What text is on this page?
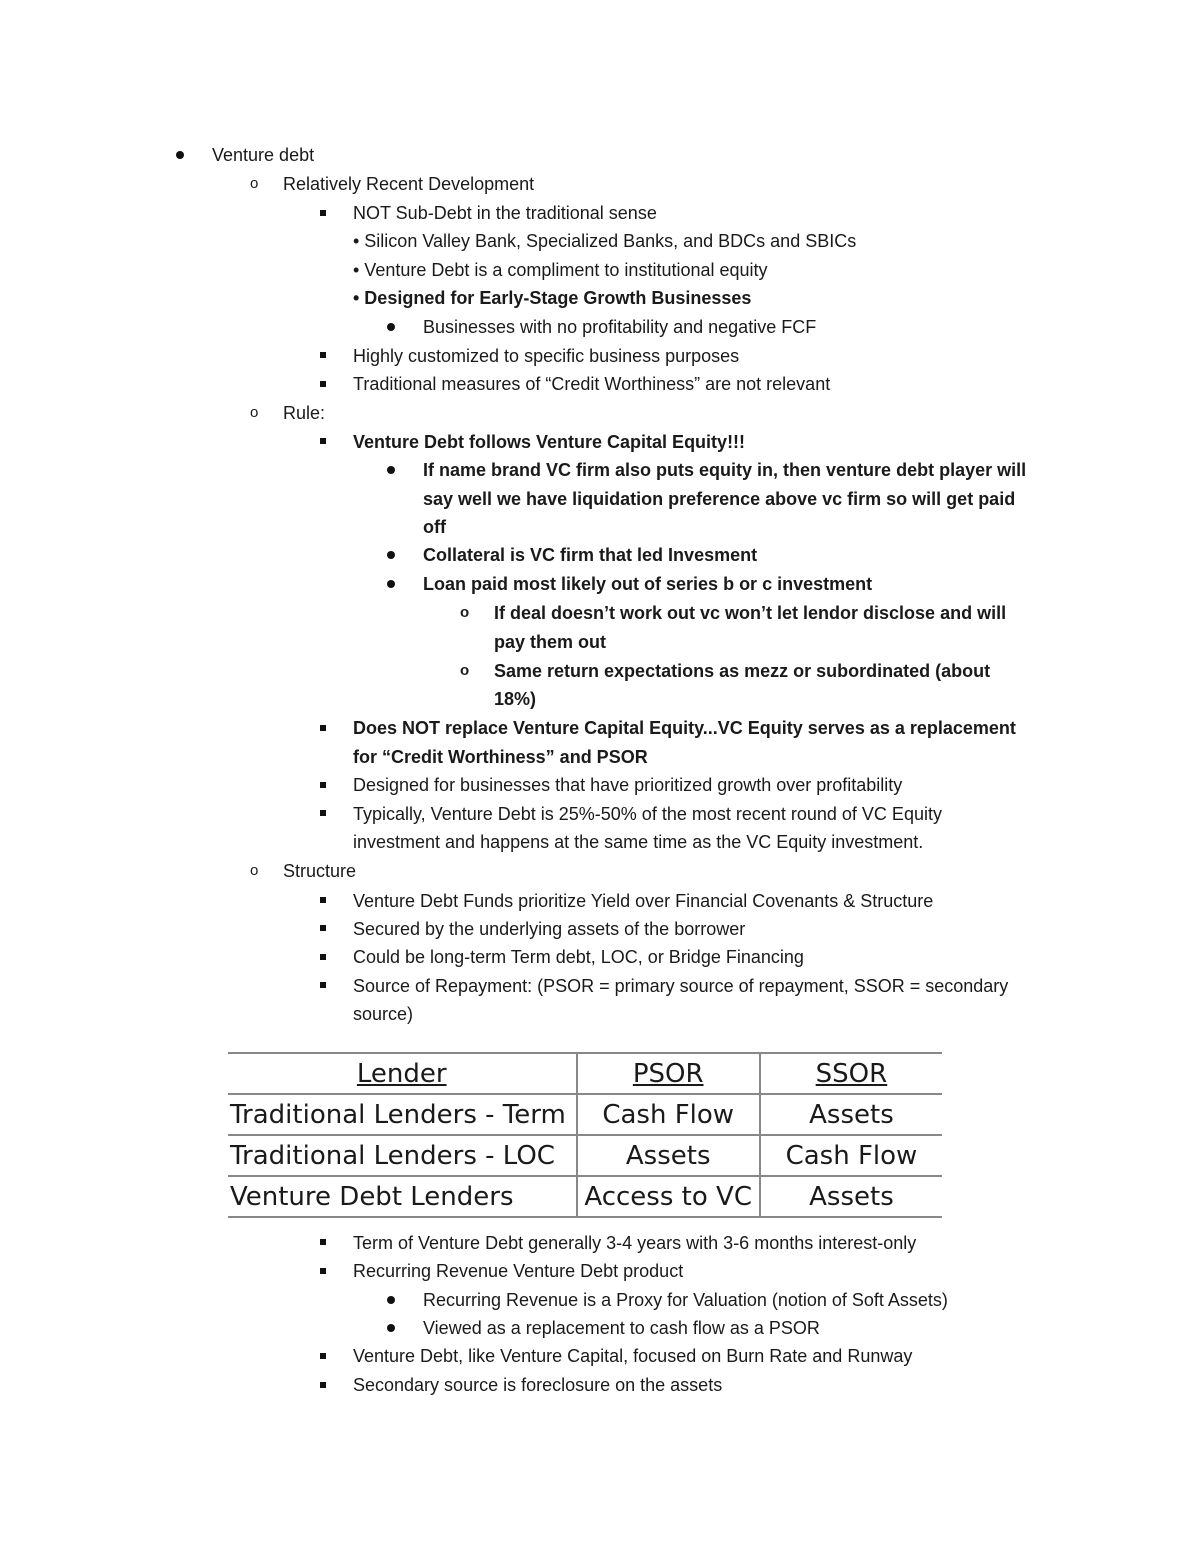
Venture debt
o Relatively Recent Development
NOT Sub-Debt in the traditional sense
• Silicon Valley Bank, Specialized Banks, and BDCs and SBICs
• Venture Debt is a compliment to institutional equity
• Designed for Early-Stage Growth Businesses
Businesses with no profitability and negative FCF
Highly customized to specific business purposes
Traditional measures of “Credit Worthiness” are not relevant
o Rule:
Venture Debt follows Venture Capital Equity!!!
If name brand VC firm also puts equity in, then venture debt player will
say well we have liquidation preference above vc firm so will get paid
off
Collateral is VC firm that led Invesment
Loan paid most likely out of series b or c investment
o If deal doesn’t work out vc won’t let lendor disclose and will
pay them out
o Same return expectations as mezz or subordinated (about
18%)
Does NOT replace Venture Capital Equity...VC Equity serves as a replacement
for “Credit Worthiness” and PSOR
Designed for businesses that have prioritized growth over profitability
Typically, Venture Debt is 25%-50% of the most recent round of VC Equity
investment and happens at the same time as the VC Equity investment.
o Structure
Venture Debt Funds prioritize Yield over Financial Covenants & Structure
Secured by the underlying assets of the borrower
Could be long-term Term debt, LOC, or Bridge Financing
Source of Repayment: (PSOR = primary source of repayment, SSOR = secondary
source)
Lender	PSOR	SSOR
Traditional Lenders - Term	Cash Flow	Assets
Traditional Lenders - LOC	Assets	Cash Flow
Venture Debt Lenders	Access to VC	Assets
Term of Venture Debt generally 3-4 years with 3-6 months interest-only
Recurring Revenue Venture Debt product
Recurring Revenue is a Proxy for Valuation (notion of Soft Assets)
Viewed as a replacement to cash flow as a PSOR
Venture Debt, like Venture Capital, focused on Burn Rate and Runway
Secondary source is foreclosure on the assets
